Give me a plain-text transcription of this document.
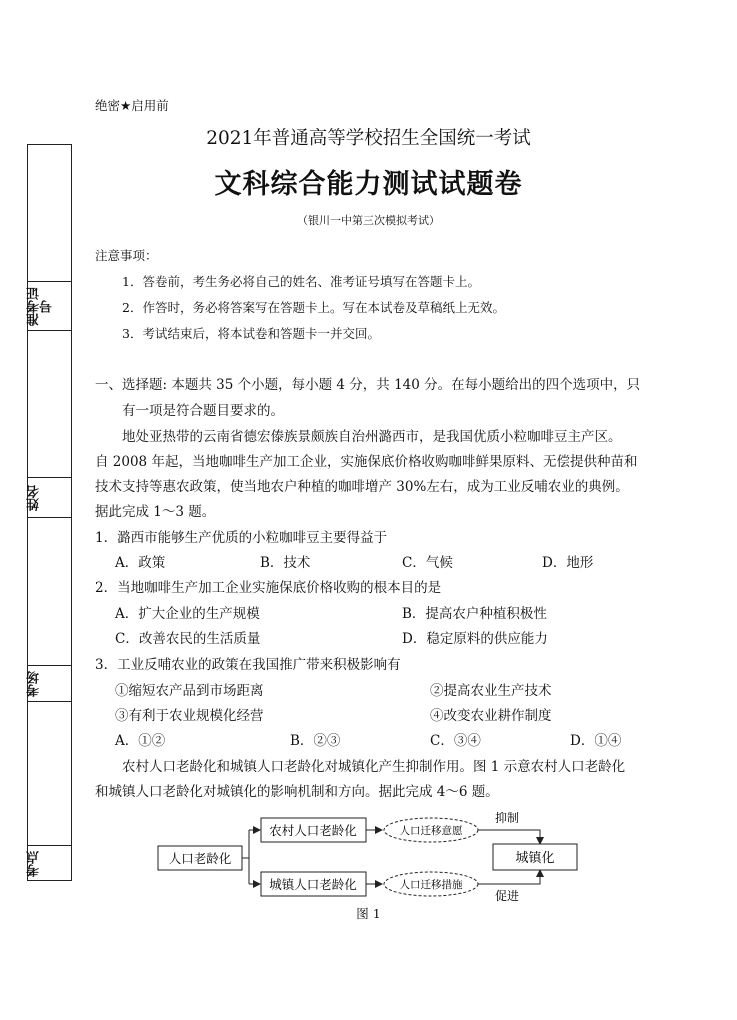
绝密★启用前
2021年普通高等学校招生全国统一考试
文科综合能力测试试题卷
（银川一中第三次模拟考试）
准考证号
姓名
考场
考点
注意事项：
1．答卷前，考生务必将自己的姓名、准考证号填写在答题卡上。
2．作答时，务必将答案写在答题卡上。写在本试卷及草稿纸上无效。
3．考试结束后，将本试卷和答题卡一并交回。
一、选择题: 本题共 35 个小题，每小题 4 分，共 140 分。在每小题给出的四个选项中，只
有一项是符合题目要求的。
地处亚热带的云南省德宏傣族景颇族自治州潞西市，是我国优质小粒咖啡豆主产区。
自 2008 年起，当地咖啡生产加工企业，实施保底价格收购咖啡鲜果原料、无偿提供种苗和
技术支持等惠农政策，使当地农户种植的咖啡增产 30%左右，成为工业反哺农业的典例。
据此完成 1～3 题。
1．潞西市能够生产优质的小粒咖啡豆主要得益于
A．政策	B．技术	C．气候	D．地形
2．当地咖啡生产加工企业实施保底价格收购的根本目的是
A．扩大企业的生产规模	B．提高农户种植积极性
C．改善农民的生活质量	D．稳定原料的供应能力
3．工业反哺农业的政策在我国推广带来积极影响有
①缩短农产品到市场距离	②提高农业生产技术
③有利于农业规模化经营	④改变农业耕作制度
A．①②	B．②③	C．③④	D．①④
农村人口老龄化和城镇人口老龄化对城镇化产生抑制作用。图 1 示意农村人口老龄化
和城镇人口老龄化对城镇化的影响机制和方向。据此完成 4～6 题。
人口老龄化
农村人口老龄化
城镇人口老龄化
人口迁移意愿
人口迁移措施
抑制
促进
城镇化
图 1
